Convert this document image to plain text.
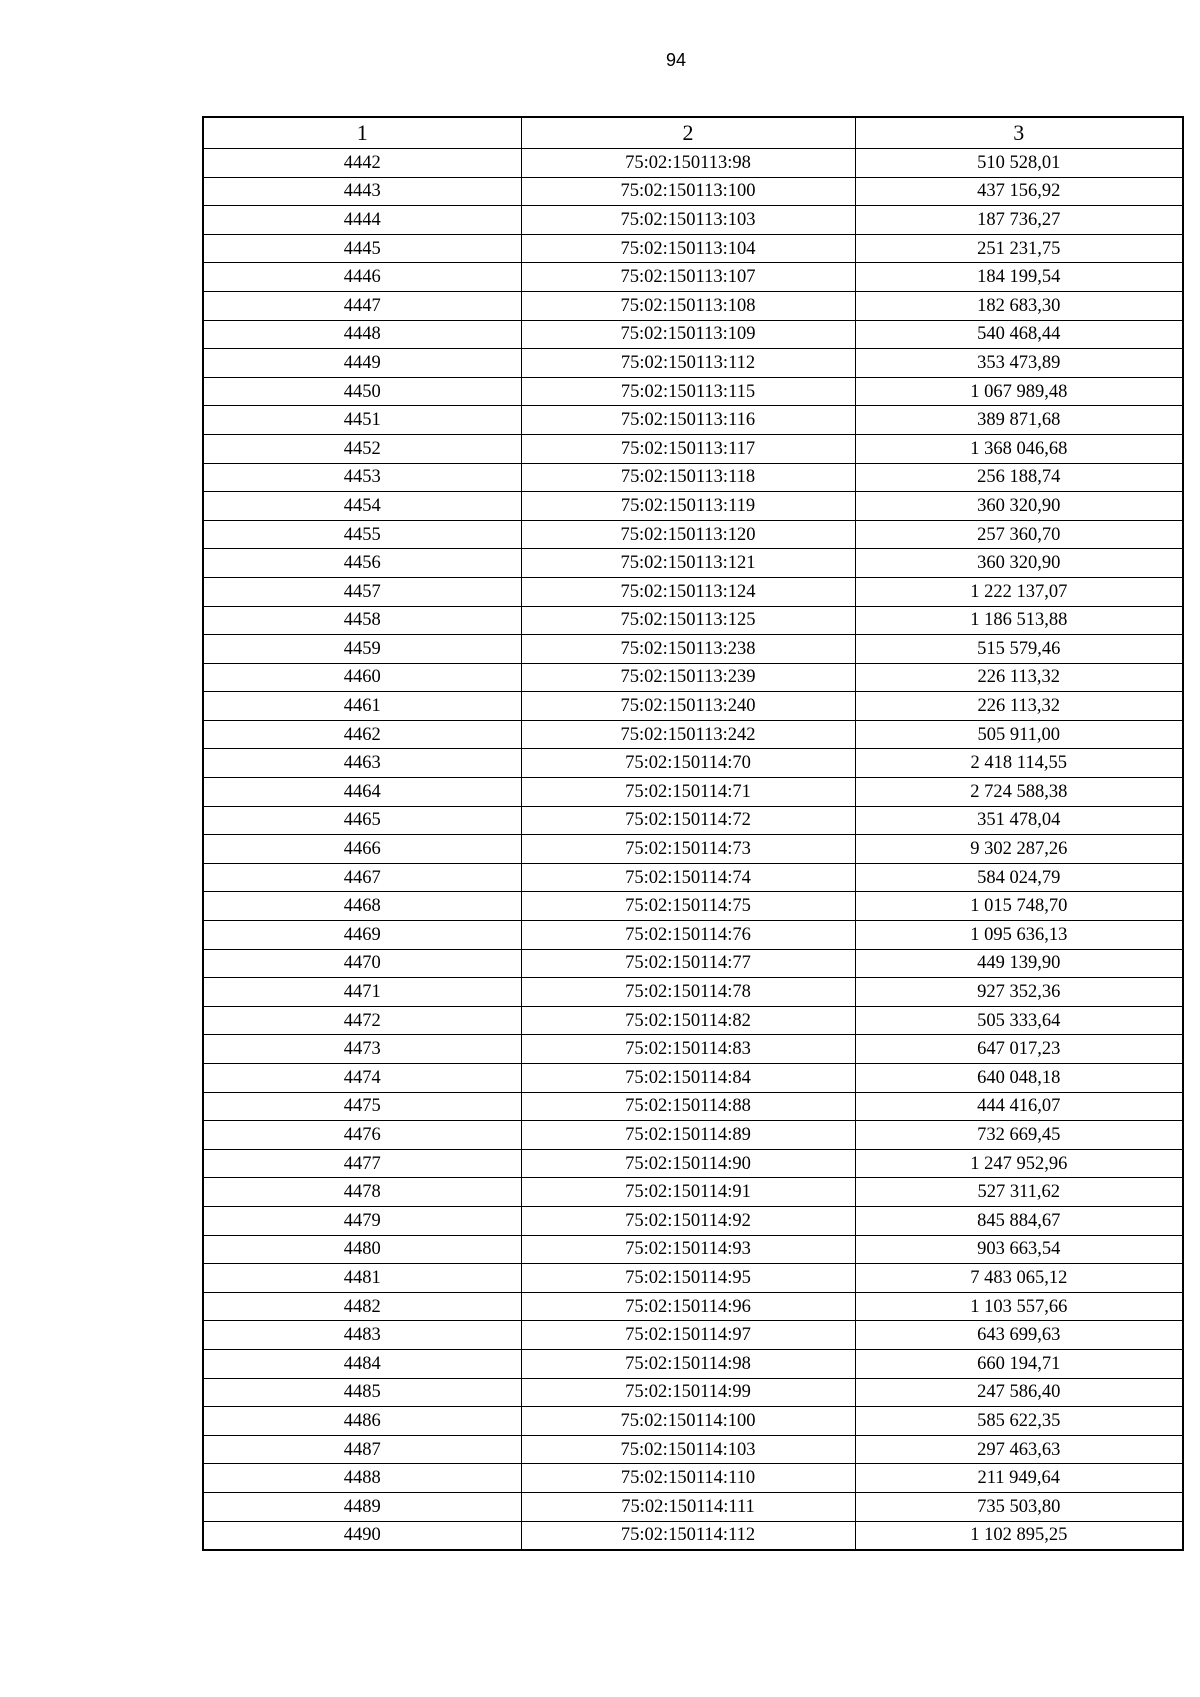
94
1	2	3
4442	75:02:150113:98	510 528,01
4443	75:02:150113:100	437 156,92
4444	75:02:150113:103	187 736,27
4445	75:02:150113:104	251 231,75
4446	75:02:150113:107	184 199,54
4447	75:02:150113:108	182 683,30
4448	75:02:150113:109	540 468,44
4449	75:02:150113:112	353 473,89
4450	75:02:150113:115	1 067 989,48
4451	75:02:150113:116	389 871,68
4452	75:02:150113:117	1 368 046,68
4453	75:02:150113:118	256 188,74
4454	75:02:150113:119	360 320,90
4455	75:02:150113:120	257 360,70
4456	75:02:150113:121	360 320,90
4457	75:02:150113:124	1 222 137,07
4458	75:02:150113:125	1 186 513,88
4459	75:02:150113:238	515 579,46
4460	75:02:150113:239	226 113,32
4461	75:02:150113:240	226 113,32
4462	75:02:150113:242	505 911,00
4463	75:02:150114:70	2 418 114,55
4464	75:02:150114:71	2 724 588,38
4465	75:02:150114:72	351 478,04
4466	75:02:150114:73	9 302 287,26
4467	75:02:150114:74	584 024,79
4468	75:02:150114:75	1 015 748,70
4469	75:02:150114:76	1 095 636,13
4470	75:02:150114:77	449 139,90
4471	75:02:150114:78	927 352,36
4472	75:02:150114:82	505 333,64
4473	75:02:150114:83	647 017,23
4474	75:02:150114:84	640 048,18
4475	75:02:150114:88	444 416,07
4476	75:02:150114:89	732 669,45
4477	75:02:150114:90	1 247 952,96
4478	75:02:150114:91	527 311,62
4479	75:02:150114:92	845 884,67
4480	75:02:150114:93	903 663,54
4481	75:02:150114:95	7 483 065,12
4482	75:02:150114:96	1 103 557,66
4483	75:02:150114:97	643 699,63
4484	75:02:150114:98	660 194,71
4485	75:02:150114:99	247 586,40
4486	75:02:150114:100	585 622,35
4487	75:02:150114:103	297 463,63
4488	75:02:150114:110	211 949,64
4489	75:02:150114:111	735 503,80
4490	75:02:150114:112	1 102 895,25
